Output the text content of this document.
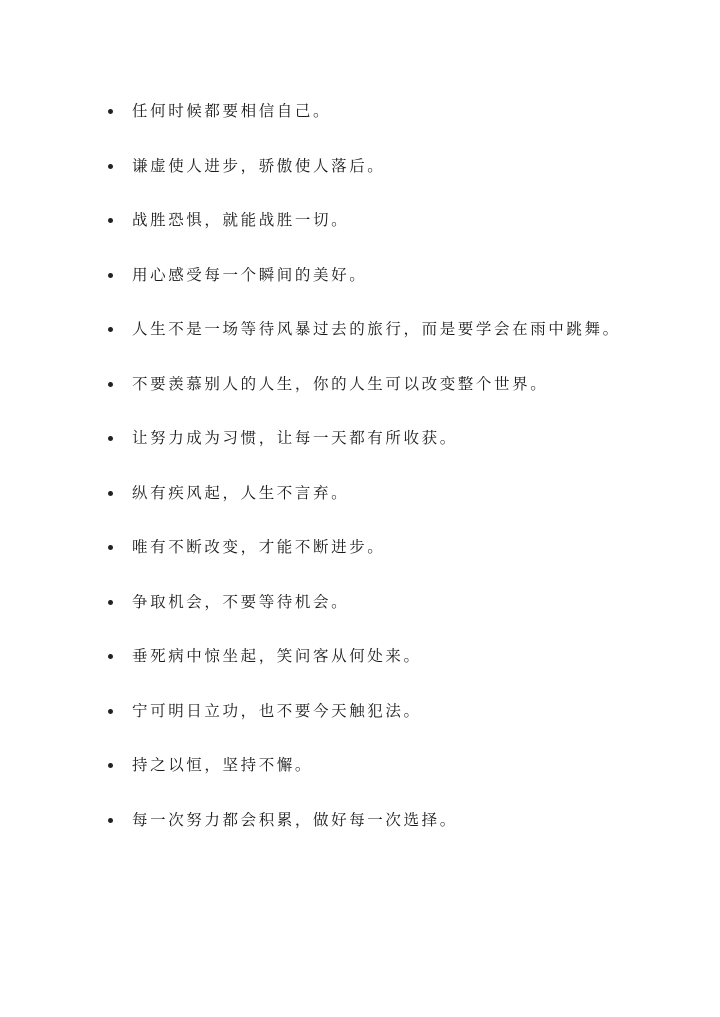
任何时候都要相信自己。
谦虚使人进步，骄傲使人落后。
战胜恐惧，就能战胜一切。
用心感受每一个瞬间的美好。
人生不是一场等待风暴过去的旅行，而是要学会在雨中跳舞。
不要羡慕别人的人生，你的人生可以改变整个世界。
让努力成为习惯，让每一天都有所收获。
纵有疾风起，人生不言弃。
唯有不断改变，才能不断进步。
争取机会，不要等待机会。
垂死病中惊坐起，笑问客从何处来。
宁可明日立功，也不要今天触犯法。
持之以恒，坚持不懈。
每一次努力都会积累，做好每一次选择。
